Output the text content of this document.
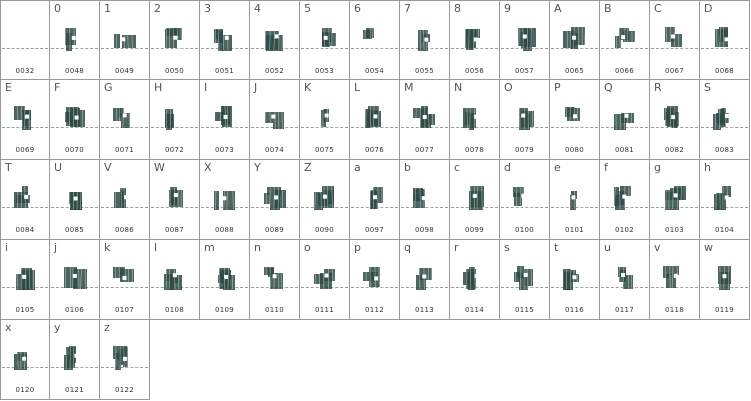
0032
0
0048
1
0049
2
0050
3
0051
4
0052
5
0053
6
0054
7
0055
8
0056
9
0057
A
0065
B
0066
C
0067
D
0068
E
0069
F
0070
G
0071
H
0072
I
0073
J
0074
K
0075
L
0076
M
0077
N
0078
O
0079
P
0080
Q
0081
R
0082
S
0083
T
0084
U
0085
V
0086
W
0087
X
0088
Y
0089
Z
0090
a
0097
b
0098
c
0099
d
0100
e
0101
f
0102
g
0103
h
0104
i
0105
j
0106
k
0107
l
0108
m
0109
n
0110
o
0111
p
0112
q
0113
r
0114
s
0115
t
0116
u
0117
v
0118
w
0119
x
0120
y
0121
z
0122
